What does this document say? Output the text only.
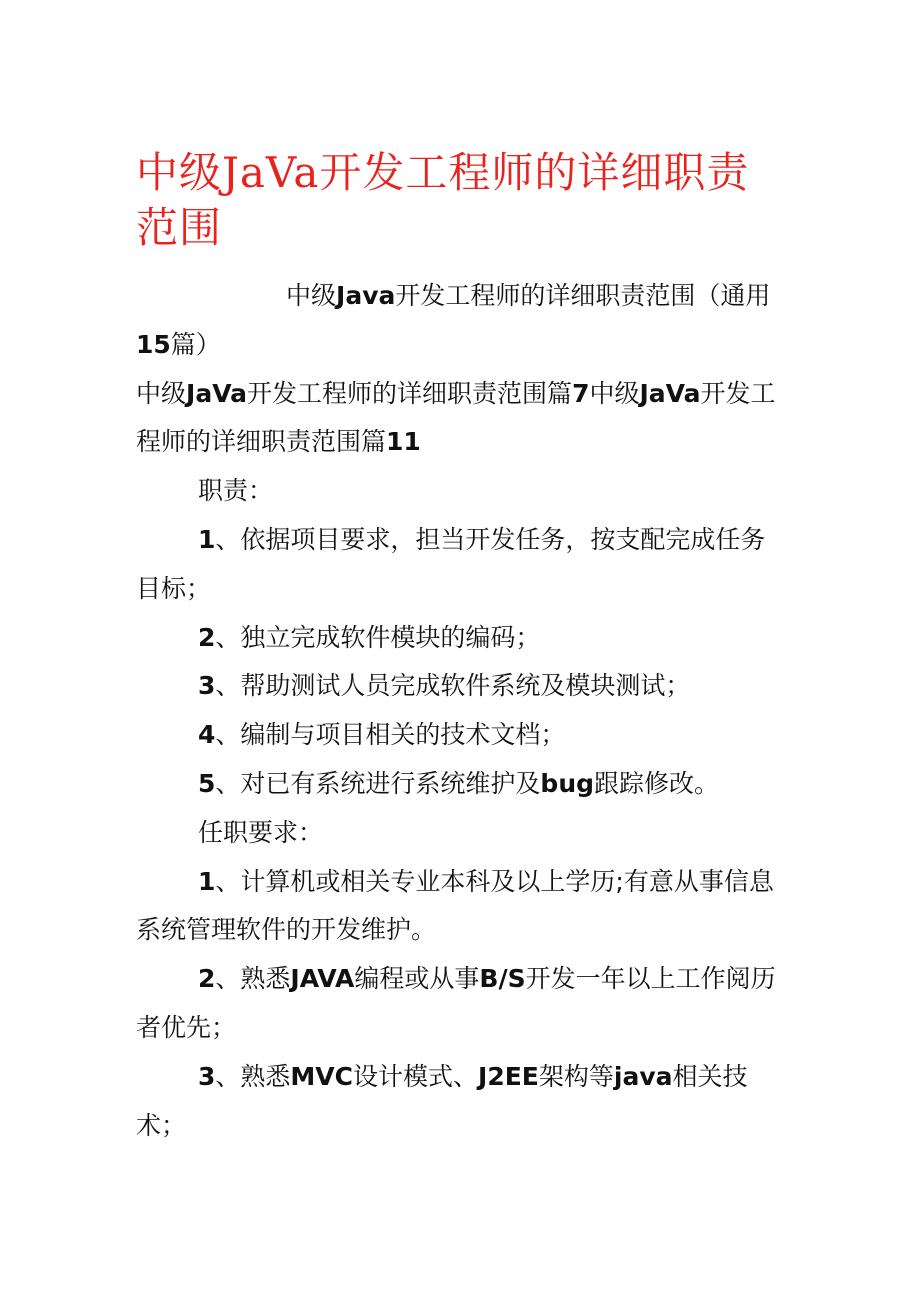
中级JaVa开发工程师的详细职责范围

中级Java开发工程师的详细职责范围（通用15篇）

中级JaVa开发工程师的详细职责范围篇7中级JaVa开发工程师的详细职责范围篇11

职责：

1、依据项目要求，担当开发任务，按支配完成任务目标；

2、独立完成软件模块的编码；

3、帮助测试人员完成软件系统及模块测试；

4、编制与项目相关的技术文档；

5、对已有系统进行系统维护及bug跟踪修改。

任职要求：

1、计算机或相关专业本科及以上学历;有意从事信息系统管理软件的开发维护。

2、熟悉JAVA编程或从事B/S开发一年以上工作阅历者优先；

3、熟悉MVC设计模式、J2EE架构等java相关技术；
